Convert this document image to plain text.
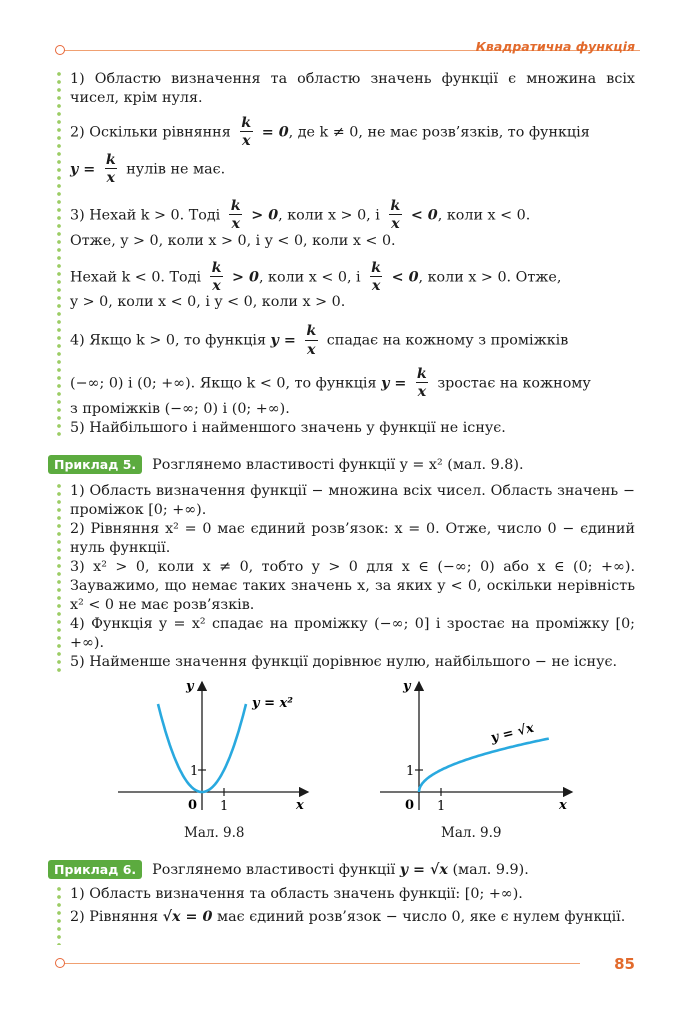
Квадратична функція

1) Областю визначення та областю значень функції є множина всіх чисел, крім нуля.

2) Оскільки рівняння $\frac{k}{x} = 0$, де k ≠ 0, не має розв’язків, то функція

$y = \frac{k}{x}$ нулів не має.

3) Нехай k > 0. Тоді $\frac{k}{x} > 0$, коли x > 0, і $\frac{k}{x} < 0$, коли x < 0.

Отже, y > 0, коли x > 0, і y < 0, коли x < 0.

Нехай k < 0. Тоді $\frac{k}{x} > 0$, коли x < 0, і $\frac{k}{x} < 0$, коли x > 0. Отже,

y > 0, коли x < 0, і y < 0, коли x > 0.

4) Якщо k > 0, то функція $y = \frac{k}{x}$ спадає на кожному з проміжків

(−∞; 0) і (0; +∞). Якщо k < 0, то функція $y = \frac{k}{x}$ зростає на кожному

з проміжків (−∞; 0) і (0; +∞).

5) Найбільшого і найменшого значень у функції не існує.

Приклад 5.	Розглянемо властивості функції y = x² (мал. 9.8).

1) Область визначення функції − множина всіх чисел. Область значень − проміжок [0; +∞).

2) Рівняння x² = 0 має єдиний розв’язок: x = 0. Отже, число 0 − єдиний нуль функції.

3) x² > 0, коли x ≠ 0, тобто y > 0 для x ∈ (−∞; 0) або x ∈ (0; +∞). Зауважимо, що немає таких значень x, за яких y < 0, оскільки нерівність x² < 0 не має розв’язків.

4) Функція y = x² спадає на проміжку (−∞; 0] і зростає на проміжку [0; +∞).

5) Найменше значення функції дорівнює нулю, найбільшого − не існує.

y
x
0
1
1
y = x²
y
x
0
1
1
y = √x
Мал. 9.8	Мал. 9.9
Приклад 6.	Розглянемо властивості функції
y = √x
(мал. 9.9).

1) Область визначення та область значень функції: [0; +∞).

2) Рівняння √x = 0 має єдиний розв’язок − число 0, яке є нулем функції.

85
